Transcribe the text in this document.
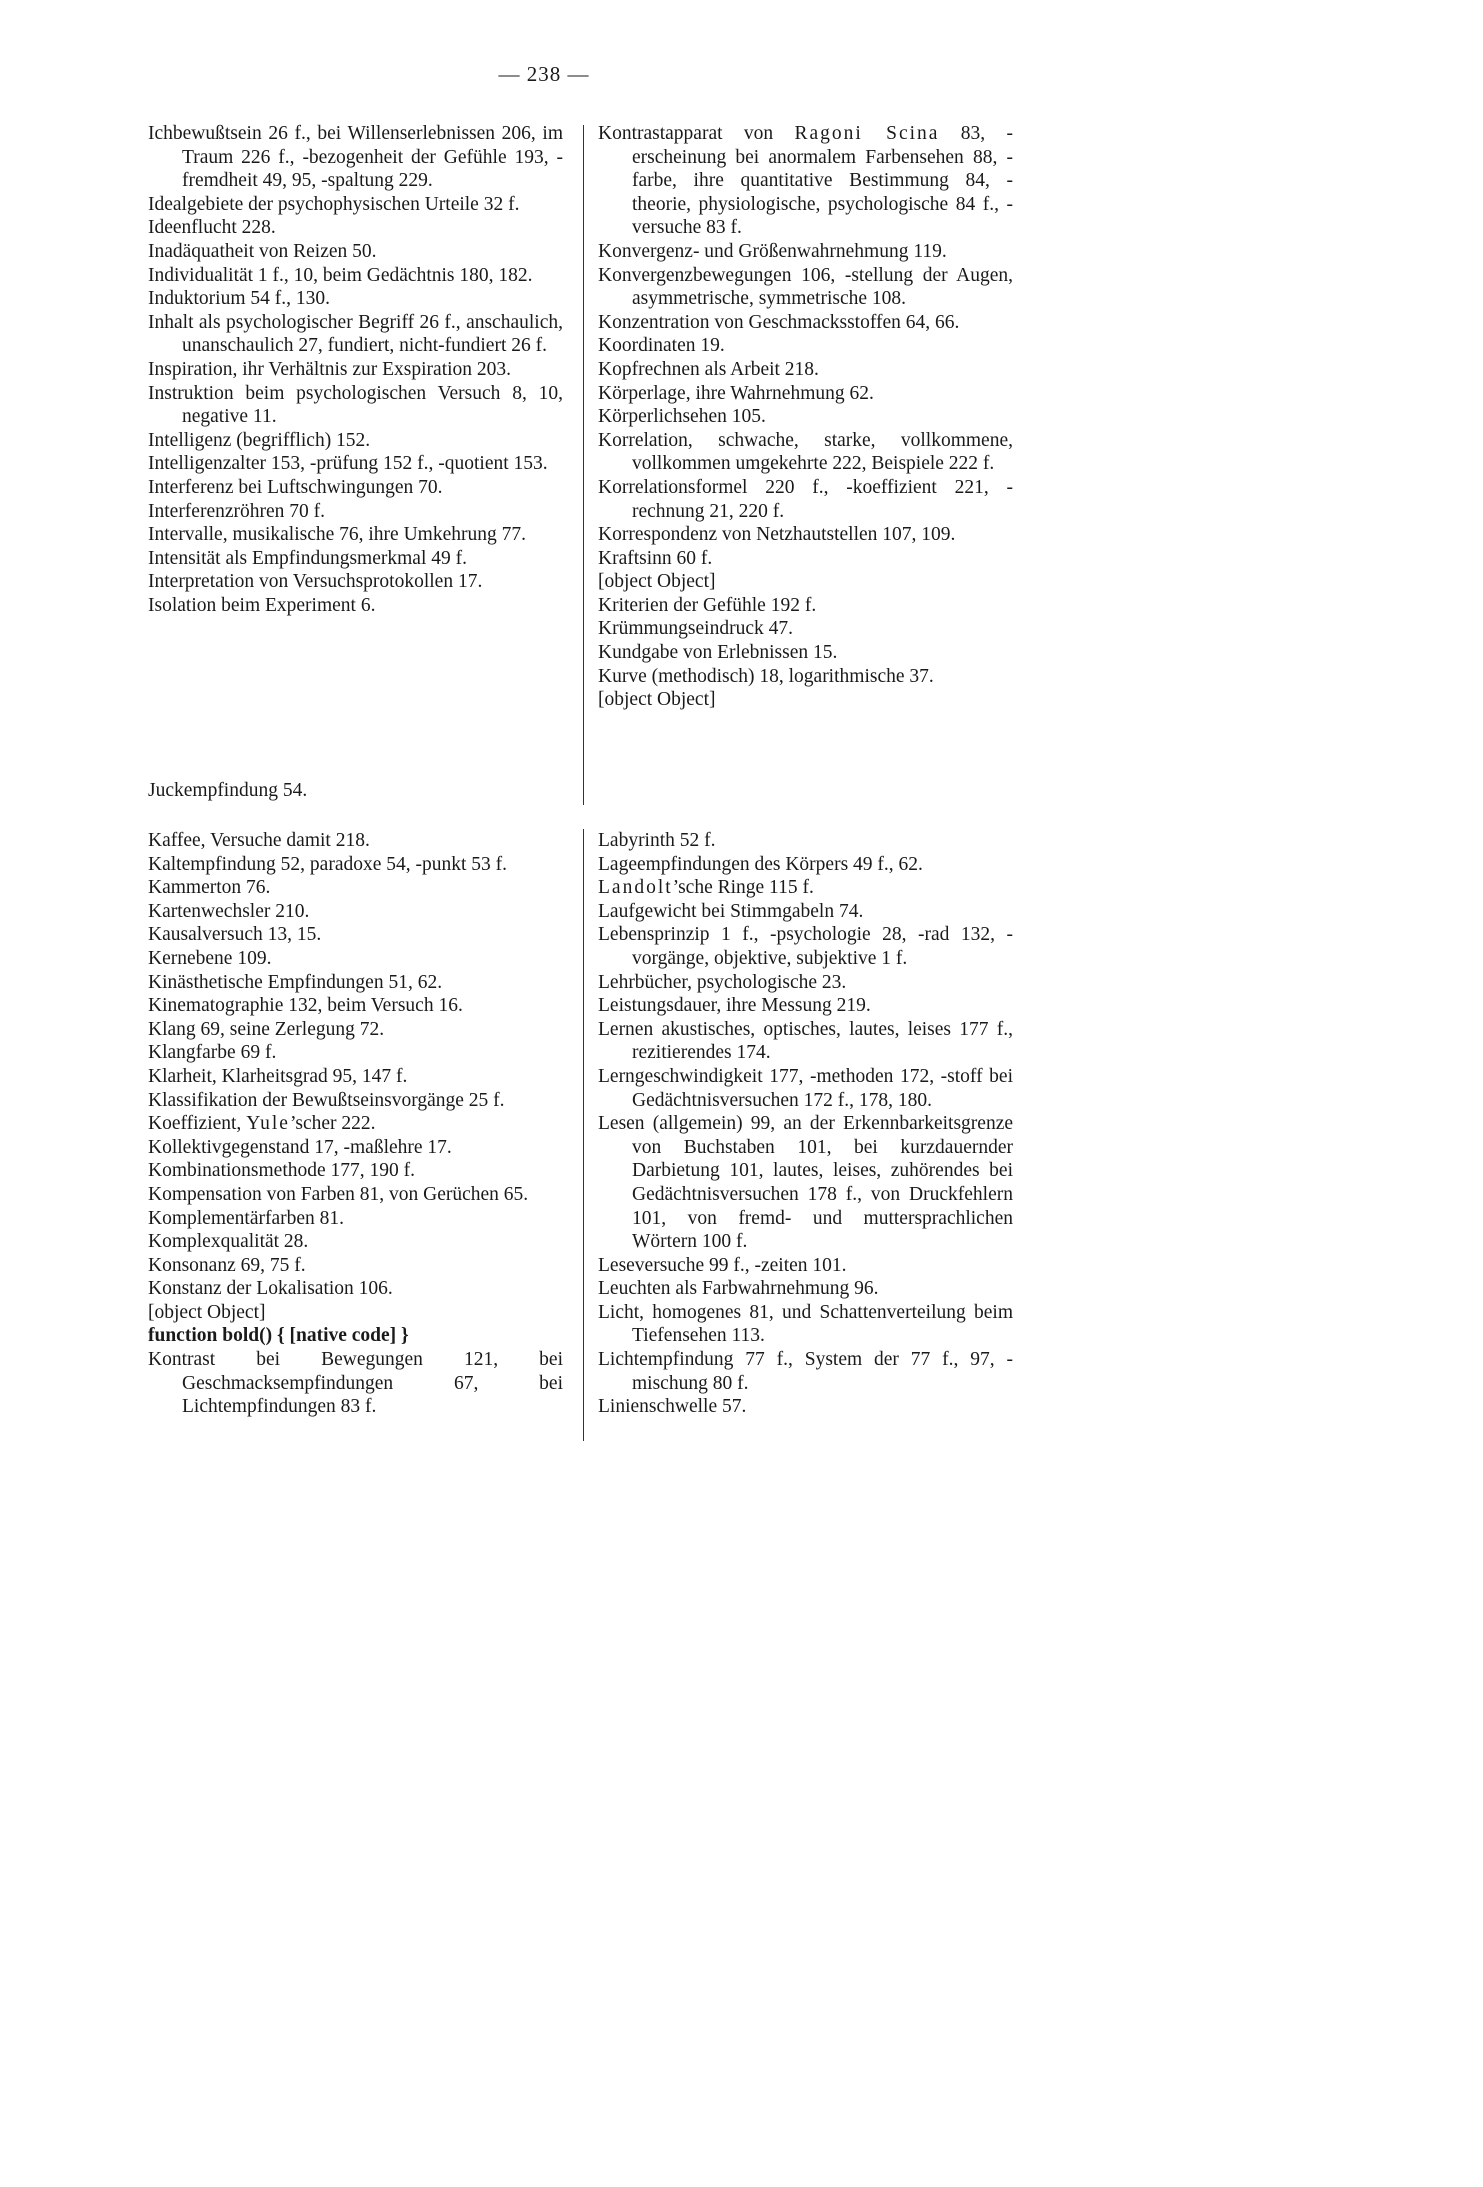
— 238 —
Ichbewußtsein 26 f., bei Willenserlebnissen 206, im Traum 226 f., -bezogenheit der Gefühle 193, -fremdheit 49, 95, -spaltung 229.
Idealgebiete der psychophysischen Urteile 32 f.
Ideenflucht 228.
Inadäquatheit von Reizen 50.
Individualität 1 f., 10, beim Gedächtnis 180, 182.
Induktorium 54 f., 130.
Inhalt als psychologischer Begriff 26 f., anschaulich, unanschaulich 27, fundiert, nicht-fundiert 26 f.
Inspiration, ihr Verhältnis zur Exspiration 203.
Instruktion beim psychologischen Versuch 8, 10, negative 11.
Intelligenz (begrifflich) 152.
Intelligenzalter 153, -prüfung 152 f., -quotient 153.
Interferenz bei Luftschwingungen 70.
Interferenzröhren 70 f.
Intervalle, musikalische 76, ihre Umkehrung 77.
Intensität als Empfindungsmerkmal 49 f.
Interpretation von Versuchsprotokollen 17.
Isolation beim Experiment 6.
Juckempfindung 54.
Kontrastapparat von Ragoni Scina 83, -erscheinung bei anormalem Farbensehen 88, -farbe, ihre quantitative Bestimmung 84, -theorie, physiologische, psychologische 84 f., -versuche 83 f.
Konvergenz- und Größenwahrnehmung 119.
Konvergenzbewegungen 106, -stellung der Augen, asymmetrische, symmetrische 108.
Konzentration von Geschmacksstoffen 64, 66.
Koordinaten 19.
Kopfrechnen als Arbeit 218.
Körperlage, ihre Wahrnehmung 62.
Körperlichsehen 105.
Korrelation, schwache, starke, vollkommene, vollkommen umgekehrte 222, Beispiele 222 f.
Korrelationsformel 220 f., -koeffizient 221, -rechnung 21, 220 f.
Korrespondenz von Netzhautstellen 107, 109.
Kraftsinn 60 f.
[object Object]
Kriterien der Gefühle 192 f.
Krümmungseindruck 47.
Kundgabe von Erlebnissen 15.
Kurve (methodisch) 18, logarithmische 37.
[object Object]
Kaffee, Versuche damit 218.
Kaltempfindung 52, paradoxe 54, -punkt 53 f.
Kammerton 76.
Kartenwechsler 210.
Kausalversuch 13, 15.
Kernebene 109.
Kinästhetische Empfindungen 51, 62.
Kinematographie 132, beim Versuch 16.
Klang 69, seine Zerlegung 72.
Klangfarbe 69 f.
Klarheit, Klarheitsgrad 95, 147 f.
Klassifikation der Bewußtseinsvorgänge 25 f.
Koeffizient, Yule’scher 222.
Kollektivgegenstand 17, -maßlehre 17.
Kombinationsmethode 177, 190 f.
Kompensation von Farben 81, von Gerüchen 65.
Komplementärfarben 81.
Komplexqualität 28.
Konsonanz 69, 75 f.
Konstanz der Lokalisation 106.
[object Object]
function bold() { [native code] }
Kontrast bei Bewegungen 121, bei Geschmacksempfindungen 67, bei Lichtempfindungen 83 f.
Labyrinth 52 f.
Lageempfindungen des Körpers 49 f., 62.
Landolt’sche Ringe 115 f.
Laufgewicht bei Stimmgabeln 74.
Lebensprinzip 1 f., -psychologie 28, -rad 132, -vorgänge, objektive, subjektive 1 f.
Lehrbücher, psychologische 23.
Leistungsdauer, ihre Messung 219.
Lernen akustisches, optisches, lautes, leises 177 f., rezitierendes 174.
Lerngeschwindigkeit 177, -methoden 172, -stoff bei Gedächtnisversuchen 172 f., 178, 180.
Lesen (allgemein) 99, an der Erkennbarkeitsgrenze von Buchstaben 101, bei kurzdauernder Darbietung 101, lautes, leises, zuhörendes bei Gedächtnisversuchen 178 f., von Druckfehlern 101, von fremd- und muttersprachlichen Wörtern 100 f.
Leseversuche 99 f., -zeiten 101.
Leuchten als Farbwahrnehmung 96.
Licht, homogenes 81, und Schattenverteilung beim Tiefensehen 113.
Lichtempfindung 77 f., System der 77 f., 97, -mischung 80 f.
Linienschwelle 57.
